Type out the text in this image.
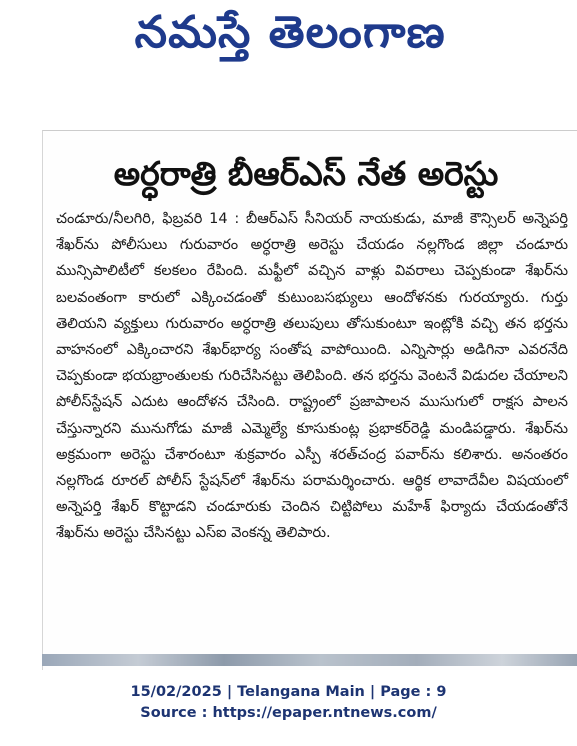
నమస్తే తెలంగాణ
అర్ధరాత్రి బీఆర్ఎస్ నేత అరెస్టు
చండూరు/నీలగిరి, ఫిబ్రవరి 14 : బీఆర్ఎస్ సీనియర్ నాయకుడు, మాజీ కౌన్సిలర్ అన్నెపర్తి శేఖర్‌ను పోలీసులు గురువారం అర్ధరాత్రి అరెస్టు చేయడం నల్లగొండ జిల్లా చండూరు మున్సిపాలిటీలో కలకలం రేపింది. మఫ్టీలో వచ్చిన వాళ్లు వివరాలు చెప్పకుండా శేఖర్‌ను బలవంతంగా కారులో ఎక్కించడంతో కుటుంబసభ్యులు ఆందోళనకు గురయ్యారు. గుర్తు తెలియని వ్యక్తులు గురువారం అర్ధరాత్రి తలుపులు తోసుకుంటూ ఇంట్లోకి వచ్చి తన భర్తను వాహనంలో ఎక్కించారని శేఖర్‌భార్య సంతోష వాపోయింది. ఎన్నిసార్లు అడిగినా ఎవరనేది చెప్పకుండా భయభ్రాంతులకు గురిచేసినట్టు తెలిపింది. తన భర్తను వెంటనే విడుదల చేయాలని పోలీస్‌స్టేషన్ ఎదుట ఆందోళన చేసింది. రాష్ట్రంలో ప్రజాపాలన ముసుగులో రాక్షస పాలన చేస్తున్నారని మునుగోడు మాజీ ఎమ్మెల్యే కూసుకుంట్ల ప్రభాకర్‌రెడ్డి మండిపడ్డారు. శేఖర్‌ను అక్రమంగా అరెస్టు చేశారంటూ శుక్రవారం ఎస్పీ శరత్‌చంద్ర పవార్‌ను కలిశారు. అనంతరం నల్లగొండ రూరల్ పోలీస్ స్టేషన్‌లో శేఖర్‌ను పరామర్శించారు. ఆర్థిక లావాదేవీల విషయంలో అన్నెపర్తి శేఖర్ కొట్టాడని చండూరుకు చెందిన చిట్టిపోలు మహేశ్ ఫిర్యాదు చేయడంతోనే శేఖర్‌ను అరెస్టు చేసినట్టు ఎస్ఐ వెంకన్న తెలిపారు.
15/02/2025 | Telangana Main | Page : 9
Source : https://epaper.ntnews.com/
